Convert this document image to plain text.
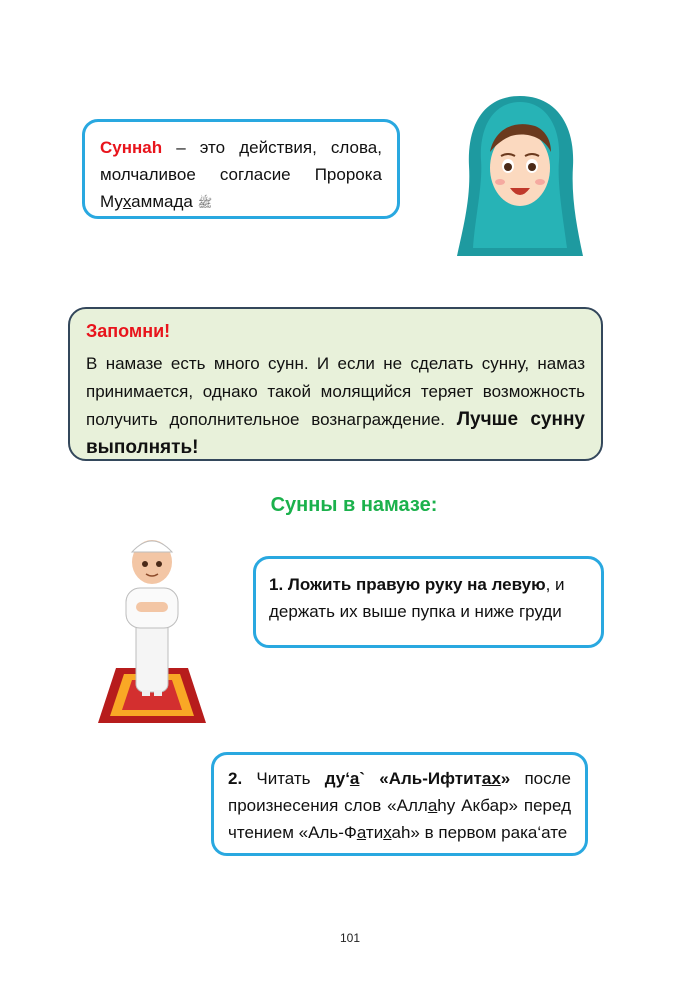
Суннаh – это действия, слова, молчаливое согласие Пророка Мухаммада ﷺ

Запомни!

В намазе есть много сунн. И если не сделать сунну, намаз принимается, однако такой молящийся теряет возможность получить дополнительное вознаграждение. Лучше сунну выполнять!

Сунны в намазе:

1. Ложить правую руку на левую, и держать их выше пупка и ниже груди

2. Читать ду‘а` «Аль-Ифтитах» после произнесения слов «Аллаhу Акбар» перед чтением «Аль-Фатихаh» в первом рака‘ате

101
